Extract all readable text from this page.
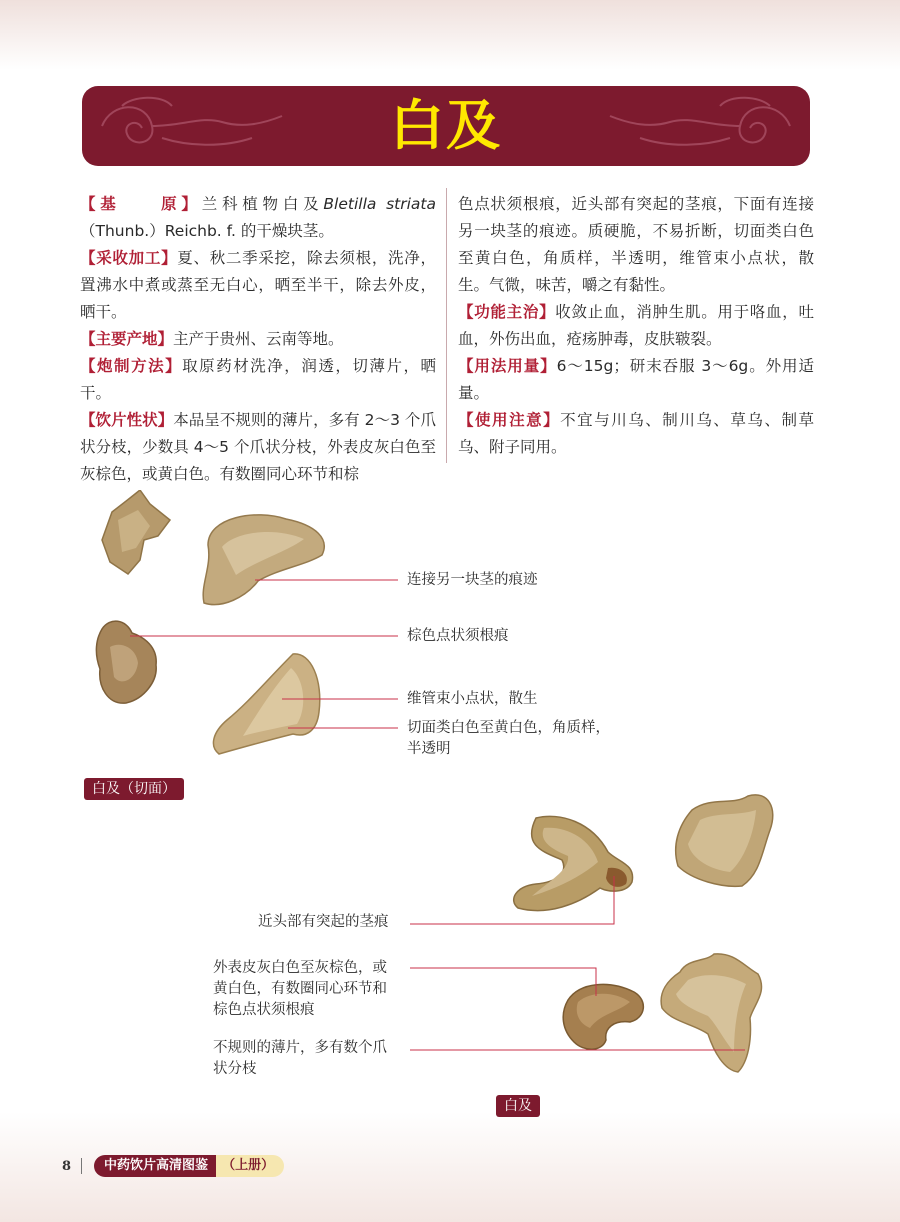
白及

【基　　原】兰科植物白及Bletilla striata（Thunb.）Reichb. f. 的干燥块茎。

【采收加工】夏、秋二季采挖，除去须根，洗净，置沸水中煮或蒸至无白心，晒至半干，除去外皮，晒干。

【主要产地】主产于贵州、云南等地。

【炮制方法】取原药材洗净，润透，切薄片，晒干。

【饮片性状】本品呈不规则的薄片，多有 2～3 个爪状分枝，少数具 4～5 个爪状分枝，外表皮灰白色至灰棕色，或黄白色。有数圈同心环节和棕

色点状须根痕，近头部有突起的茎痕，下面有连接另一块茎的痕迹。质硬脆，不易折断，切面类白色至黄白色，角质样，半透明，维管束小点状，散生。气微，味苦，嚼之有黏性。

【功能主治】收敛止血，消肿生肌。用于咯血，吐血，外伤出血，疮疡肿毒，皮肤皲裂。

【用法用量】6～15g；研末吞服 3～6g。外用适量。

【使用注意】不宜与川乌、制川乌、草乌、制草乌、附子同用。

连接另一块茎的痕迹
棕色点状须根痕
维管束小点状，散生
切面类白色至黄白色，角质样，
半透明
白及（切面）
近头部有突起的茎痕
外表皮灰白色至灰棕色，或
黄白色，有数圈同心环节和
棕色点状须根痕
不规则的薄片，多有数个爪
状分枝
白及
8	中药饮片高清图鉴	（上册）
